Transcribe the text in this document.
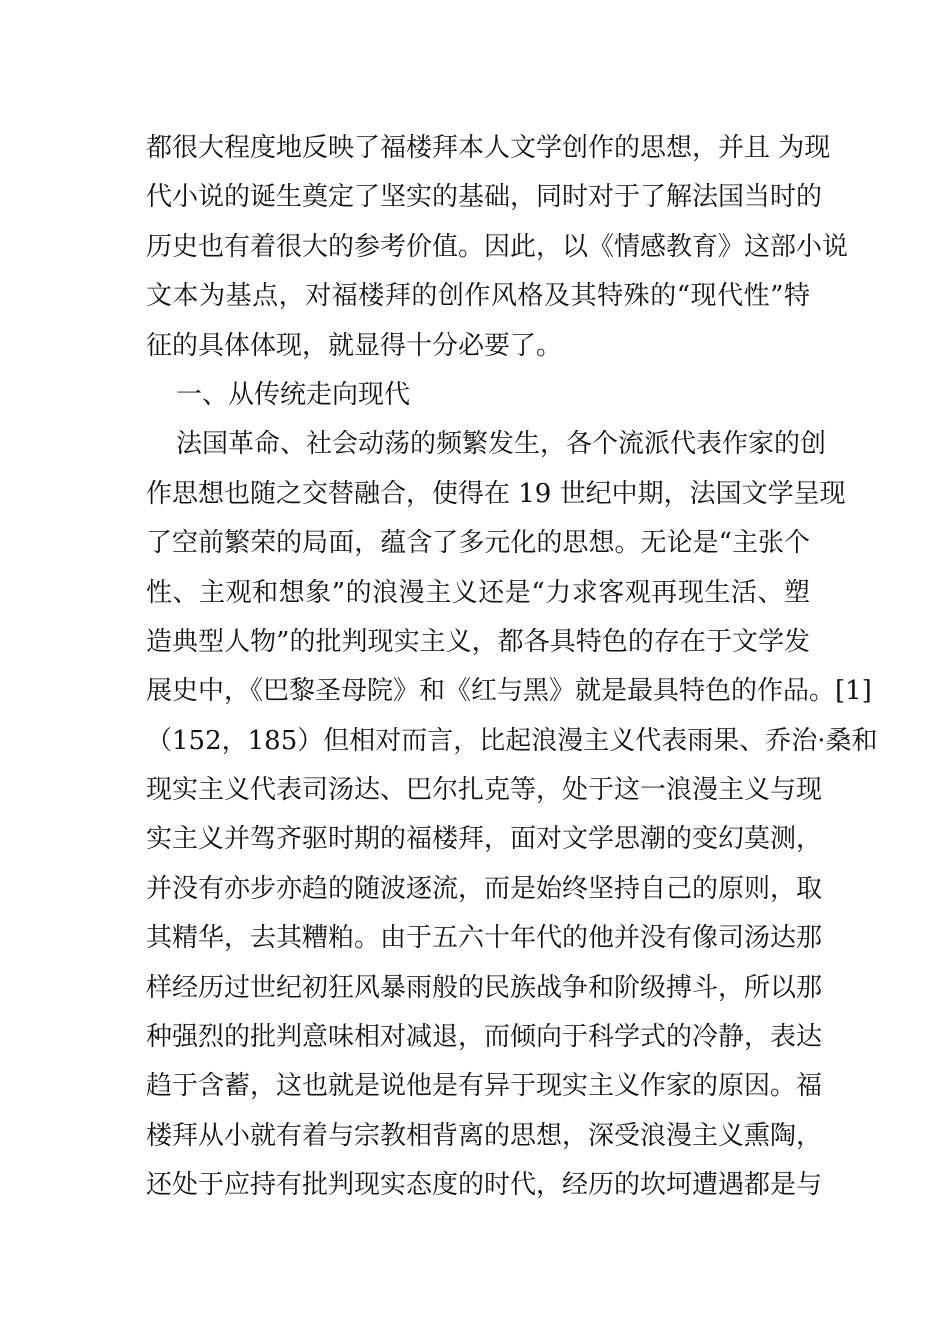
都很大程度地反映了福楼拜本人文学创作的思想，并且 为现
代小说的诞生奠定了坚实的基础，同时对于了解法国当时的
历史也有着很大的参考价值。因此，以《情感教育》这部小说
文本为基点，对福楼拜的创作风格及其特殊的“现代性”特
征的具体体现，就显得十分必要了。
一、从传统走向现代
法国革命、社会动荡的频繁发生，各个流派代表作家的创
作思想也随之交替融合，使得在 19 世纪中期，法国文学呈现
了空前繁荣的局面，蕴含了多元化的思想。无论是“主张个
性、主观和想象”的浪漫主义还是“力求客观再现生活、塑
造典型人物”的批判现实主义，都各具特色的存在于文学发
展史中，《巴黎圣母院》和《红与黑》就是最具特色的作品。[1]
（152，185）但相对而言，比起浪漫主义代表雨果、乔治·桑和
现实主义代表司汤达、巴尔扎克等，处于这一浪漫主义与现
实主义并驾齐驱时期的福楼拜，面对文学思潮的变幻莫测，
并没有亦步亦趋的随波逐流，而是始终坚持自己的原则，取
其精华，去其糟粕。由于五六十年代的他并没有像司汤达那
样经历过世纪初狂风暴雨般的民族战争和阶级搏斗，所以那
种强烈的批判意味相对减退，而倾向于科学式的冷静，表达
趋于含蓄，这也就是说他是有异于现实主义作家的原因。福
楼拜从小就有着与宗教相背离的思想，深受浪漫主义熏陶，
还处于应持有批判现实态度的时代，经历的坎坷遭遇都是与
